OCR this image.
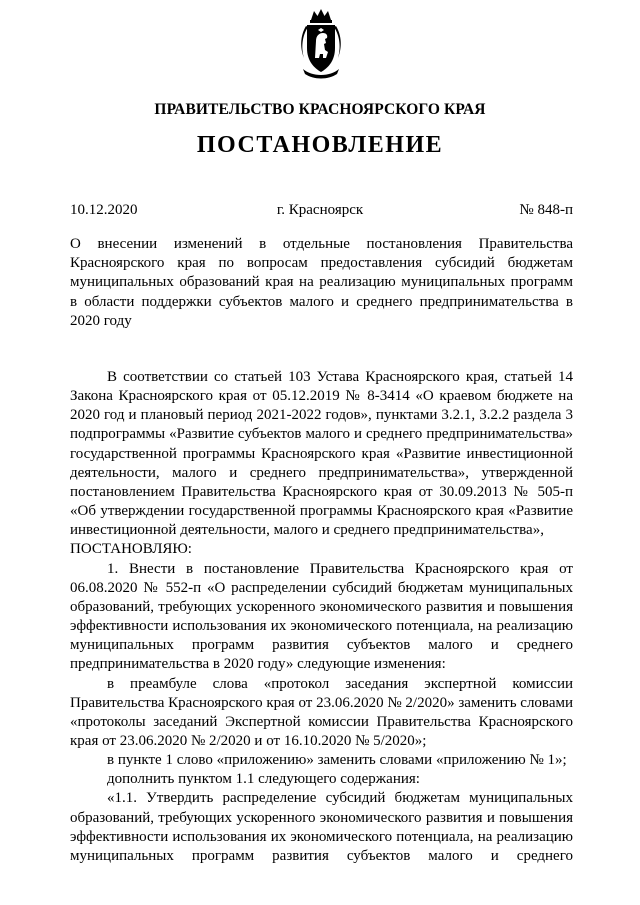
ПРАВИТЕЛЬСТВО КРАСНОЯРСКОГО КРАЯ
ПОСТАНОВЛЕНИЕ
10.12.2020	г. Красноярск	№ 848-п
О внесении изменений в отдельные постановления Правительства Красноярского края по вопросам предоставления субсидий бюджетам муниципальных образований края на реализацию муниципальных программ в области поддержки субъектов малого и среднего предпринимательства в 2020 году

В соответствии со статьей 103 Устава Красноярского края, статьей 14 Закона Красноярского края от 05.12.2019 № 8-3414 «О краевом бюджете на 2020 год и плановый период 2021-2022 годов», пунктами 3.2.1, 3.2.2 раздела 3 подпрограммы «Развитие субъектов малого и среднего предпринимательства» государственной программы Красноярского края «Развитие инвестиционной деятельности, малого и среднего предпринимательства», утвержденной постановлением Правительства Красноярского края от 30.09.2013 № 505-п «Об утверждении государственной программы Красноярского края «Развитие инвестиционной деятельности, малого и среднего предпринимательства»,

ПОСТАНОВЛЯЮ:

1. Внести в постановление Правительства Красноярского края от 06.08.2020 № 552-п «О распределении субсидий бюджетам муниципальных образований, требующих ускоренного экономического развития и повышения эффективности использования их экономического потенциала, на реализацию муниципальных программ развития субъектов малого и среднего предпринимательства в 2020 году» следующие изменения:

в преамбуле слова «протокол заседания экспертной комиссии Правительства Красноярского края от 23.06.2020 № 2/2020» заменить словами «протоколы заседаний Экспертной комиссии Правительства Красноярского края от 23.06.2020 № 2/2020 и от 16.10.2020 № 5/2020»;

в пункте 1 слово «приложению» заменить словами «приложению № 1»;

дополнить пунктом 1.1 следующего содержания:

«1.1. Утвердить распределение субсидий бюджетам муниципальных образований, требующих ускоренного экономического развития и повышения эффективности использования их экономического потенциала, на реализацию муниципальных программ развития субъектов малого и среднего
